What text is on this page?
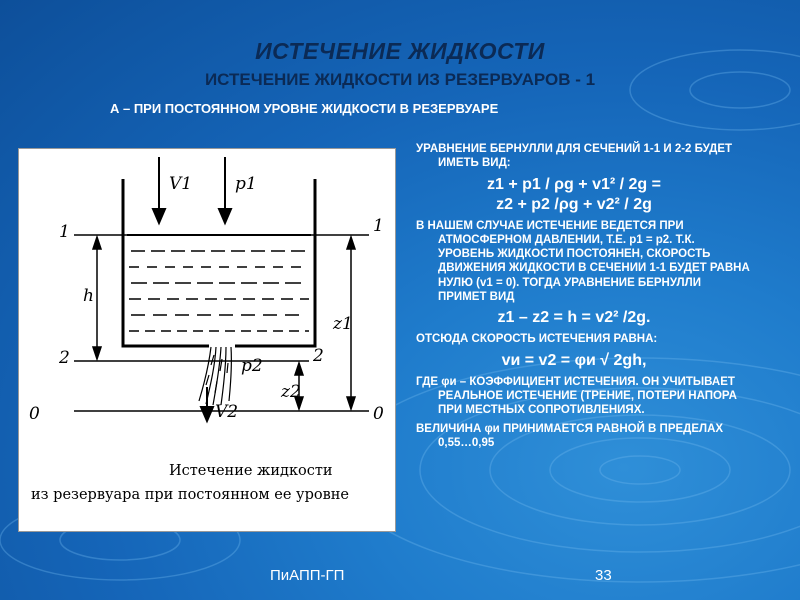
ИСТЕЧЕНИЕ ЖИДКОСТИ
ИСТЕЧЕНИЕ ЖИДКОСТИ ИЗ РЕЗЕРВУАРОВ - 1
А – ПРИ ПОСТОЯННОМ УРОВНЕ ЖИДКОСТИ В РЕЗЕРВУАРЕ
V1	p1
1	1
2	2
0	0
h
z1
z2
p2
V2
Истечение жидкости
из резервуара при постоянном ее уровне

УРАВНЕНИЕ БЕРНУЛЛИ ДЛЯ СЕЧЕНИЙ 1-1 И 2-2 БУДЕТ ИМЕТЬ ВИД:

z1 + p1 / ρg + v1² / 2g =

z2 + p2 /ρg + v2² / 2g

В НАШЕМ СЛУЧАЕ ИСТЕЧЕНИЕ ВЕДЕТСЯ ПРИ АТМОСФЕРНОМ ДАВЛЕНИИ, Т.Е. p1 = p2. Т.К. УРОВЕНЬ ЖИДКОСТИ ПОСТОЯНЕН, СКОРОСТЬ ДВИЖЕНИЯ ЖИДКОСТИ В СЕЧЕНИИ 1-1 БУДЕТ РАВНА НУЛЮ (v1 = 0). ТОГДА УРАВНЕНИЕ БЕРНУЛЛИ ПРИМЕТ ВИД

z1 – z2 = h = v2² /2g.

ОТСЮДА СКОРОСТЬ ИСТЕЧЕНИЯ РАВНА:

vи = v2 = φи √ 2gh,

ГДЕ φи – КОЭФФИЦИЕНТ ИСТЕЧЕНИЯ. ОН УЧИТЫВАЕТ РЕАЛЬНОЕ ИСТЕЧЕНИЕ (ТРЕНИЕ, ПОТЕРИ НАПОРА ПРИ МЕСТНЫХ СОПРОТИВЛЕНИЯХ.

ВЕЛИЧИНА φи ПРИНИМАЕТСЯ РАВНОЙ В ПРЕДЕЛАХ 0,55…0,95

ПиАПП-ГП	33
